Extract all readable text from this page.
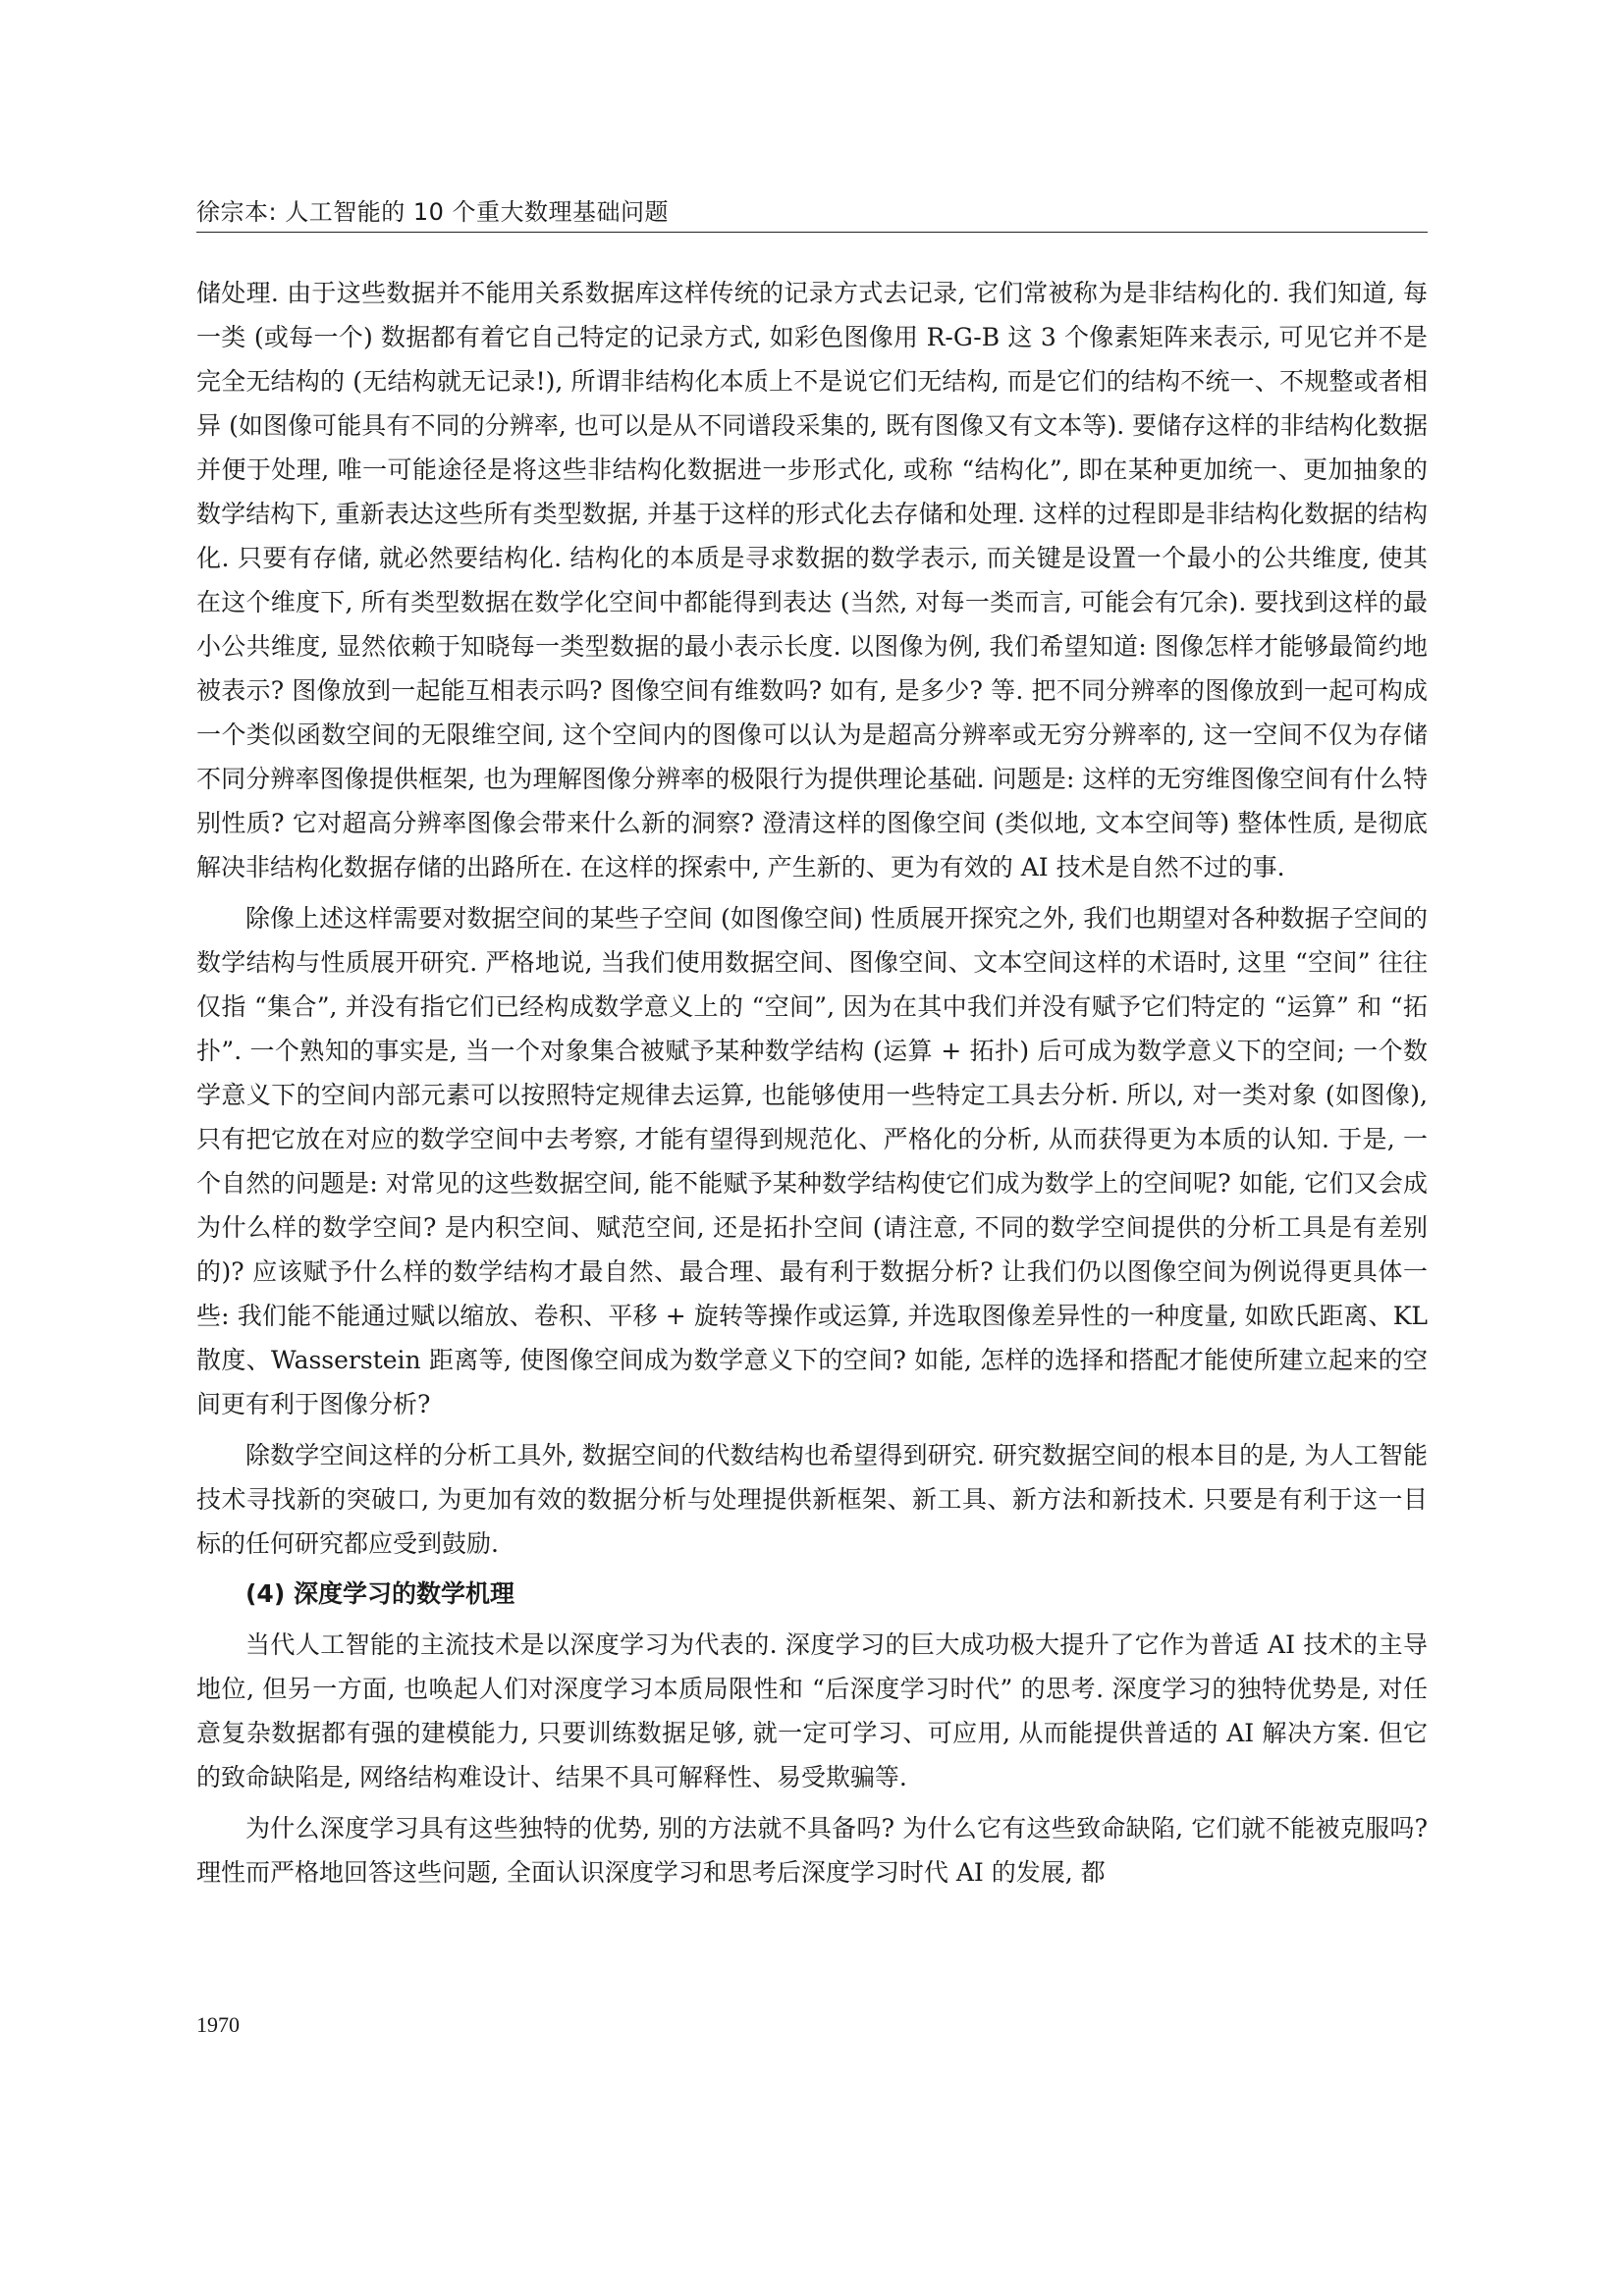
徐宗本: 人工智能的 10 个重大数理基础问题

储处理. 由于这些数据并不能用关系数据库这样传统的记录方式去记录, 它们常被称为是非结构化的. 我们知道, 每一类 (或每一个) 数据都有着它自己特定的记录方式, 如彩色图像用 R-G-B 这 3 个像素矩阵来表示, 可见它并不是完全无结构的 (无结构就无记录!), 所谓非结构化本质上不是说它们无结构, 而是它们的结构不统一、不规整或者相异 (如图像可能具有不同的分辨率, 也可以是从不同谱段采集的, 既有图像又有文本等). 要储存这样的非结构化数据并便于处理, 唯一可能途径是将这些非结构化数据进一步形式化, 或称 “结构化”, 即在某种更加统一、更加抽象的数学结构下, 重新表达这些所有类型数据, 并基于这样的形式化去存储和处理. 这样的过程即是非结构化数据的结构化. 只要有存储, 就必然要结构化. 结构化的本质是寻求数据的数学表示, 而关键是设置一个最小的公共维度, 使其在这个维度下, 所有类型数据在数学化空间中都能得到表达 (当然, 对每一类而言, 可能会有冗余). 要找到这样的最小公共维度, 显然依赖于知晓每一类型数据的最小表示长度. 以图像为例, 我们希望知道: 图像怎样才能够最简约地被表示? 图像放到一起能互相表示吗? 图像空间有维数吗? 如有, 是多少? 等. 把不同分辨率的图像放到一起可构成一个类似函数空间的无限维空间, 这个空间内的图像可以认为是超高分辨率或无穷分辨率的, 这一空间不仅为存储不同分辨率图像提供框架, 也为理解图像分辨率的极限行为提供理论基础. 问题是: 这样的无穷维图像空间有什么特别性质? 它对超高分辨率图像会带来什么新的洞察? 澄清这样的图像空间 (类似地, 文本空间等) 整体性质, 是彻底解决非结构化数据存储的出路所在. 在这样的探索中, 产生新的、更为有效的 AI 技术是自然不过的事.

除像上述这样需要对数据空间的某些子空间 (如图像空间) 性质展开探究之外, 我们也期望对各种数据子空间的数学结构与性质展开研究. 严格地说, 当我们使用数据空间、图像空间、文本空间这样的术语时, 这里 “空间” 往往仅指 “集合”, 并没有指它们已经构成数学意义上的 “空间”, 因为在其中我们并没有赋予它们特定的 “运算” 和 “拓扑”. 一个熟知的事实是, 当一个对象集合被赋予某种数学结构 (运算 + 拓扑) 后可成为数学意义下的空间; 一个数学意义下的空间内部元素可以按照特定规律去运算, 也能够使用一些特定工具去分析. 所以, 对一类对象 (如图像), 只有把它放在对应的数学空间中去考察, 才能有望得到规范化、严格化的分析, 从而获得更为本质的认知. 于是, 一个自然的问题是: 对常见的这些数据空间, 能不能赋予某种数学结构使它们成为数学上的空间呢? 如能, 它们又会成为什么样的数学空间? 是内积空间、赋范空间, 还是拓扑空间 (请注意, 不同的数学空间提供的分析工具是有差别的)? 应该赋予什么样的数学结构才最自然、最合理、最有利于数据分析? 让我们仍以图像空间为例说得更具体一些: 我们能不能通过赋以缩放、卷积、平移 + 旋转等操作或运算, 并选取图像差异性的一种度量, 如欧氏距离、KL 散度、Wasserstein 距离等, 使图像空间成为数学意义下的空间? 如能, 怎样的选择和搭配才能使所建立起来的空间更有利于图像分析?

除数学空间这样的分析工具外, 数据空间的代数结构也希望得到研究. 研究数据空间的根本目的是, 为人工智能技术寻找新的突破口, 为更加有效的数据分析与处理提供新框架、新工具、新方法和新技术. 只要是有利于这一目标的任何研究都应受到鼓励.

(4) 深度学习的数学机理

当代人工智能的主流技术是以深度学习为代表的. 深度学习的巨大成功极大提升了它作为普适 AI 技术的主导地位, 但另一方面, 也唤起人们对深度学习本质局限性和 “后深度学习时代” 的思考. 深度学习的独特优势是, 对任意复杂数据都有强的建模能力, 只要训练数据足够, 就一定可学习、可应用, 从而能提供普适的 AI 解决方案. 但它的致命缺陷是, 网络结构难设计、结果不具可解释性、易受欺骗等.

为什么深度学习具有这些独特的优势, 别的方法就不具备吗? 为什么它有这些致命缺陷, 它们就不能被克服吗? 理性而严格地回答这些问题, 全面认识深度学习和思考后深度学习时代 AI 的发展, 都

1970
